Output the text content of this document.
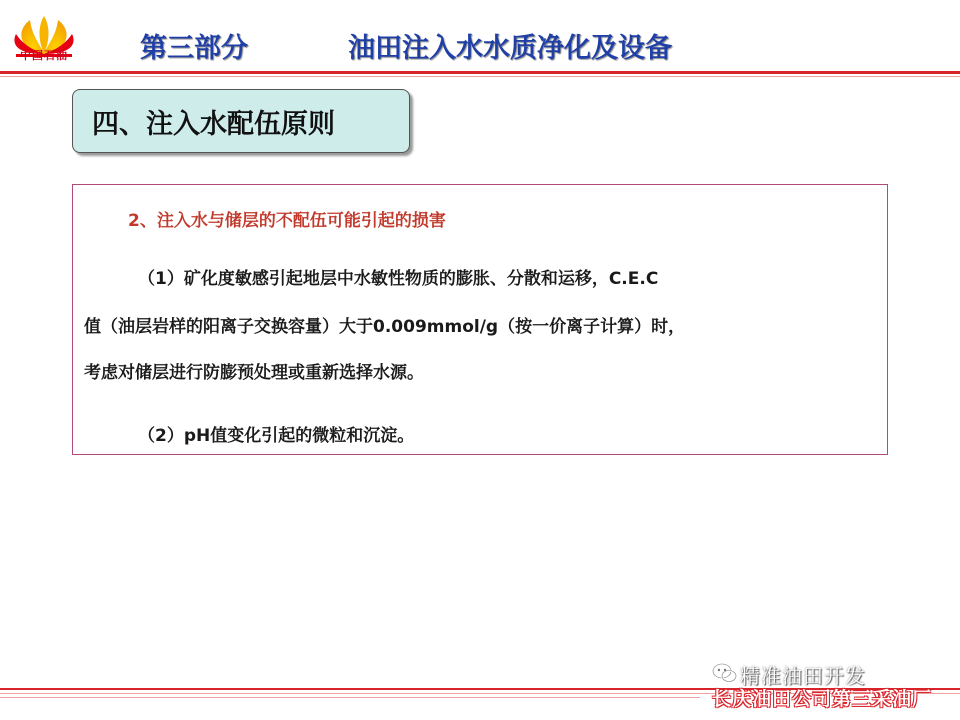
中国石油	第三部分	油田注入水水质净化及设备
四、注入水配伍原则
2、注入水与储层的不配伍可能引起的损害
（1）矿化度敏感引起地层中水敏性物质的膨胀、分散和运移，C.E.C
值（油层岩样的阳离子交换容量）大于0.009mmol/g（按一价离子计算）时，
考虑对储层进行防膨预处理或重新选择水源。
（2）pH值变化引起的微粒和沉淀。
精准油田开发
长庆油田公司第三采油厂
